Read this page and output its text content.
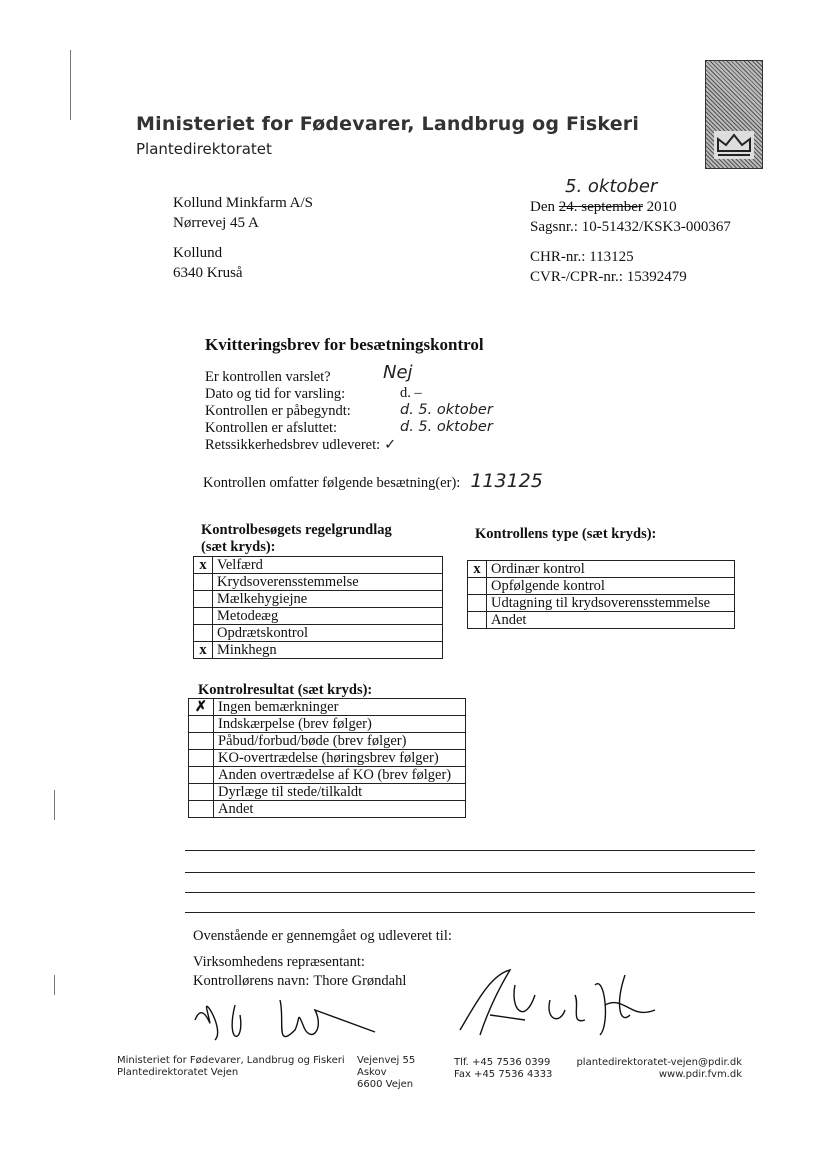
Ministeriet for Fødevarer, Landbrug og Fiskeri
Plantedirektoratet
Kollund Minkfarm A/S
Nørrevej 45 A
Kollund
6340 Kruså
5. oktober
Den 24. september 2010
Sagsnr.: 10-51432/KSK3-000367
CHR-nr.: 113125
CVR-/CPR-nr.: 15392479
Kvitteringsbrev for besætningskontrol
Er kontrollen varslet?	Nej
Dato og tid for varsling:	d. –
Kontrollen er påbegyndt:	d. 5. oktober
Kontrollen er afsluttet:	d. 5. oktober
Retssikkerhedsbrev udleveret: ✓
Kontrollen omfatter følgende besætning(er): 113125
Kontrolbesøgets regelgrundlag
(sæt kryds):
x	Velfærd
	Krydsoverensstemmelse
	Mælkehygiejne
	Metodeæg
	Opdrætskontrol
x	Minkhegn
Kontrollens type (sæt kryds):
x	Ordinær kontrol
	Opfølgende kontrol
	Udtagning til krydsoverensstemmelse
	Andet
Kontrolresultat (sæt kryds):
✗	Ingen bemærkninger
	Indskærpelse (brev følger)
	Påbud/forbud/bøde (brev følger)
	KO-overtrædelse (høringsbrev følger)
	Anden overtrædelse af KO (brev følger)
	Dyrlæge til stede/tilkaldt
	Andet
Ovenstående er gennemgået og udleveret til:
Virksomhedens repræsentant:
Kontrollørens navn: Thore Grøndahl
Ministeriet for Fødevarer, Landbrug og Fiskeri
Plantedirektoratet Vejen
Vejenvej 55
Askov
6600 Vejen
Tlf. +45 7536 0399
Fax +45 7536 4333
plantedirektoratet-vejen@pdir.dk
www.pdir.fvm.dk
